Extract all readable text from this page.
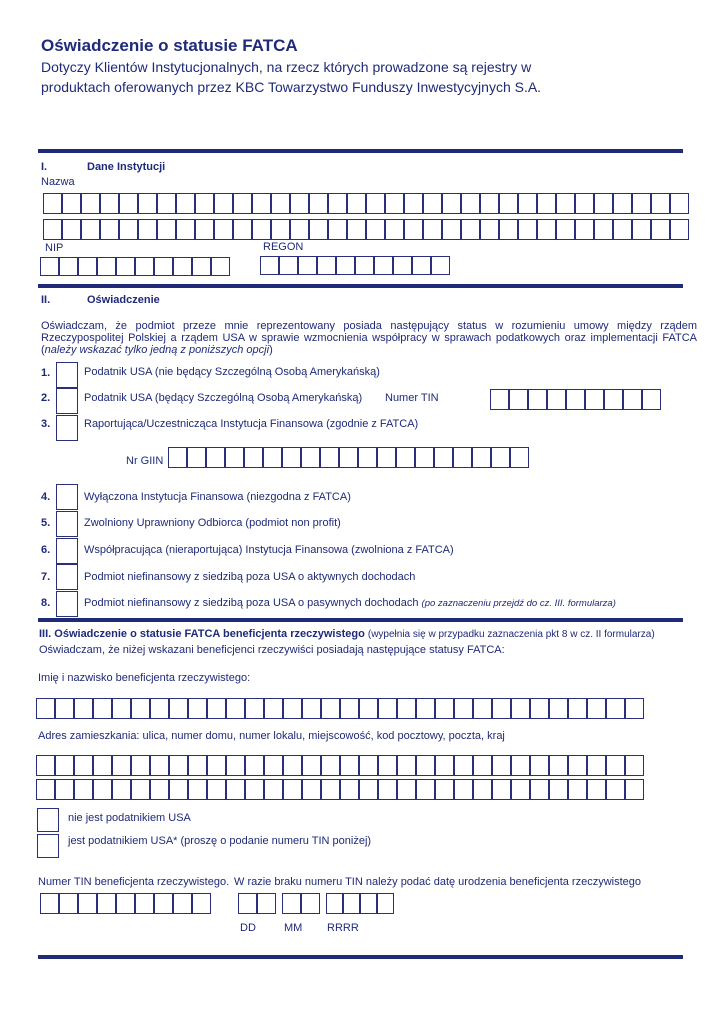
Oświadczenie o statusie FATCA
Dotyczy Klientów Instytucjonalnych, na rzecz których prowadzone są rejestry w
produktach oferowanych przez KBC Towarzystwo Funduszy Inwestycyjnych S.A.
I.	Dane Instytucji
Nazwa
NIP	REGON
II.	Oświadczenie
Oświadczam, że podmiot przeze mnie reprezentowany posiada następujący status w rozumieniu umowy między rządem Rzeczypospolitej Polskiej a rządem USA w sprawie wzmocnienia współpracy w sprawach podatkowych oraz implementacji FATCA (należy wskazać tylko jedną z poniższych opcji)
1.	Podatnik USA (nie będący Szczególną Osobą Amerykańską)
2.	Podatnik USA (będący Szczególną Osobą Amerykańską) Numer TIN
3.	Raportująca/Uczestnicząca Instytucja Finansowa (zgodnie z FATCA)
Nr GIIN
4.	Wyłączona Instytucja Finansowa (niezgodna z FATCA)
5.	Zwolniony Uprawniony Odbiorca (podmiot non profit)
6.	Współpracująca (nieraportująca) Instytucja Finansowa (zwolniona z FATCA)
7.	Podmiot niefinansowy z siedzibą poza USA o aktywnych dochodach
8.	Podmiot niefinansowy z siedzibą poza USA o pasywnych dochodach (po zaznaczeniu przejdź do cz. III. formularza)
III. Oświadczenie o statusie FATCA beneficjenta rzeczywistego (wypełnia się w przypadku zaznaczenia pkt 8 w cz. II formularza)
Oświadczam, że niżej wskazani beneficjenci rzeczywiści posiadają następujące statusy FATCA:
Imię i nazwisko beneficjenta rzeczywistego:
Adres zamieszkania: ulica, numer domu, numer lokalu, miejscowość, kod pocztowy, poczta, kraj
nie jest podatnikiem USA
jest podatnikiem USA* (proszę o podanie numeru TIN poniżej)
Numer TIN beneficjenta rzeczywistego. W razie braku numeru TIN należy podać datę urodzenia beneficjenta rzeczywistego
DD	MM RRRR
